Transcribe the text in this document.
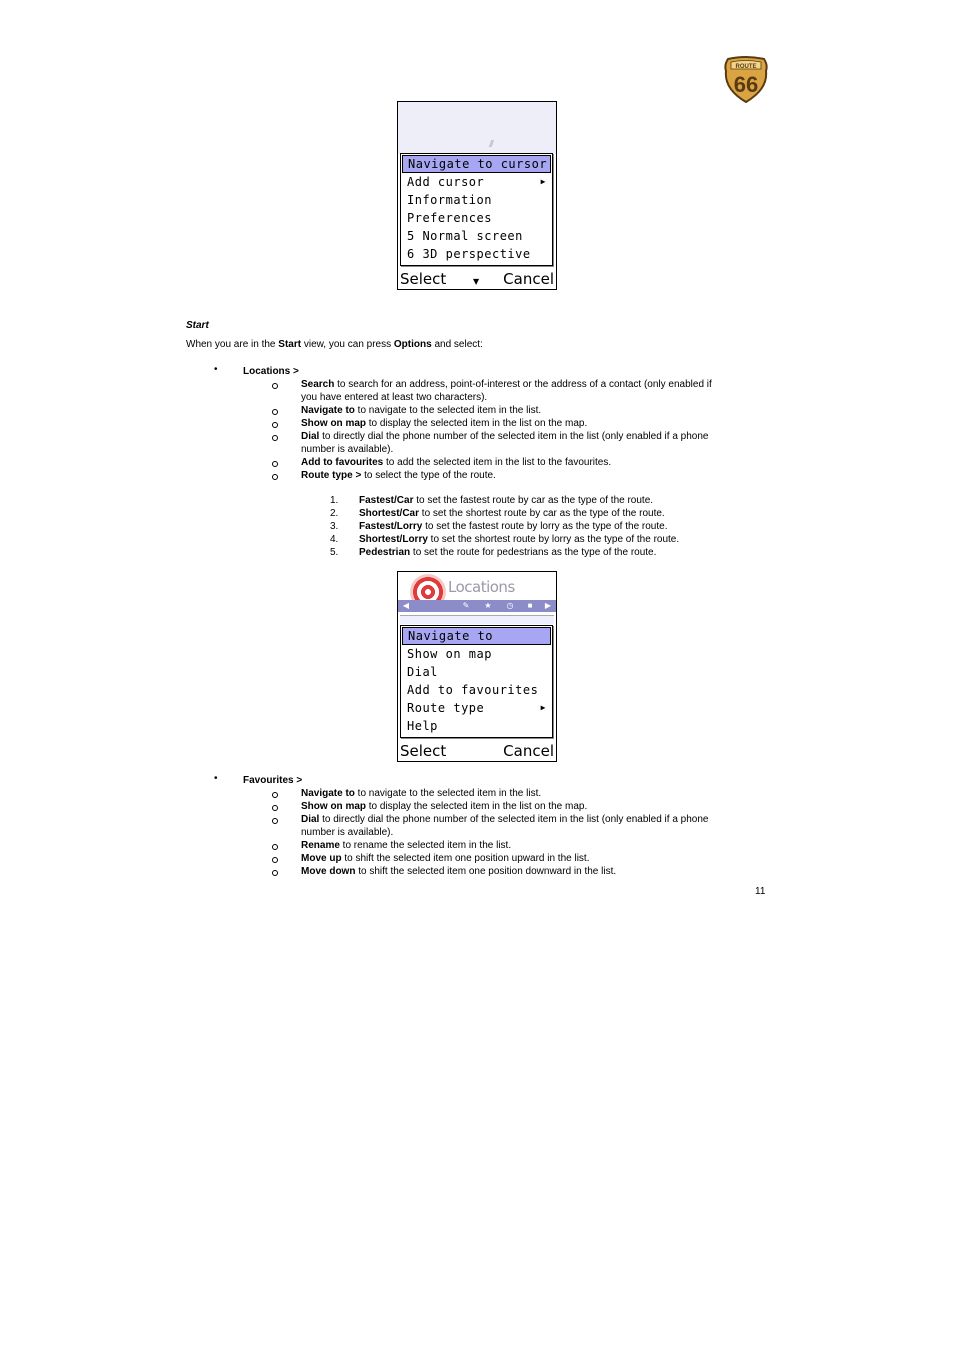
ROUTE
66
Navigate to cursor
Add cursor	▶
Information
Preferences
5 Normal screen
6 3D perspective
Select	▼ Cancel
Start
When you are in the Start view, you can press Options and select:
•	Locations >
Search to search for an address, point-of-interest or the address of a contact (only enabled if
you have entered at least two characters).
Navigate to to navigate to the selected item in the list.
Show on map to display the selected item in the list on the map.
Dial to directly dial the phone number of the selected item in the list (only enabled if a phone
number is available).
Add to favourites to add the selected item in the list to the favourites.
Route type > to select the type of the route.
1. Fastest/Car to set the fastest route by car as the type of the route.
2. Shortest/Car to set the shortest route by car as the type of the route.
3. Fastest/Lorry to set the fastest route by lorry as the type of the route.
4. Shortest/Lorry to set the shortest route by lorry as the type of the route.
5. Pedestrian to set the route for pedestrians as the type of the route.
Locations
◀	✎	★	◷	■	▶
Navigate to
Show on map
Dial
Add to favourites
Route type	▶
Help
Select	Cancel
•	Favourites >
Navigate to to navigate to the selected item in the list.
Show on map to display the selected item in the list on the map.
Dial to directly dial the phone number of the selected item in the list (only enabled if a phone
number is available).
Rename to rename the selected item in the list.
Move up to shift the selected item one position upward in the list.
Move down to shift the selected item one position downward in the list.
11
